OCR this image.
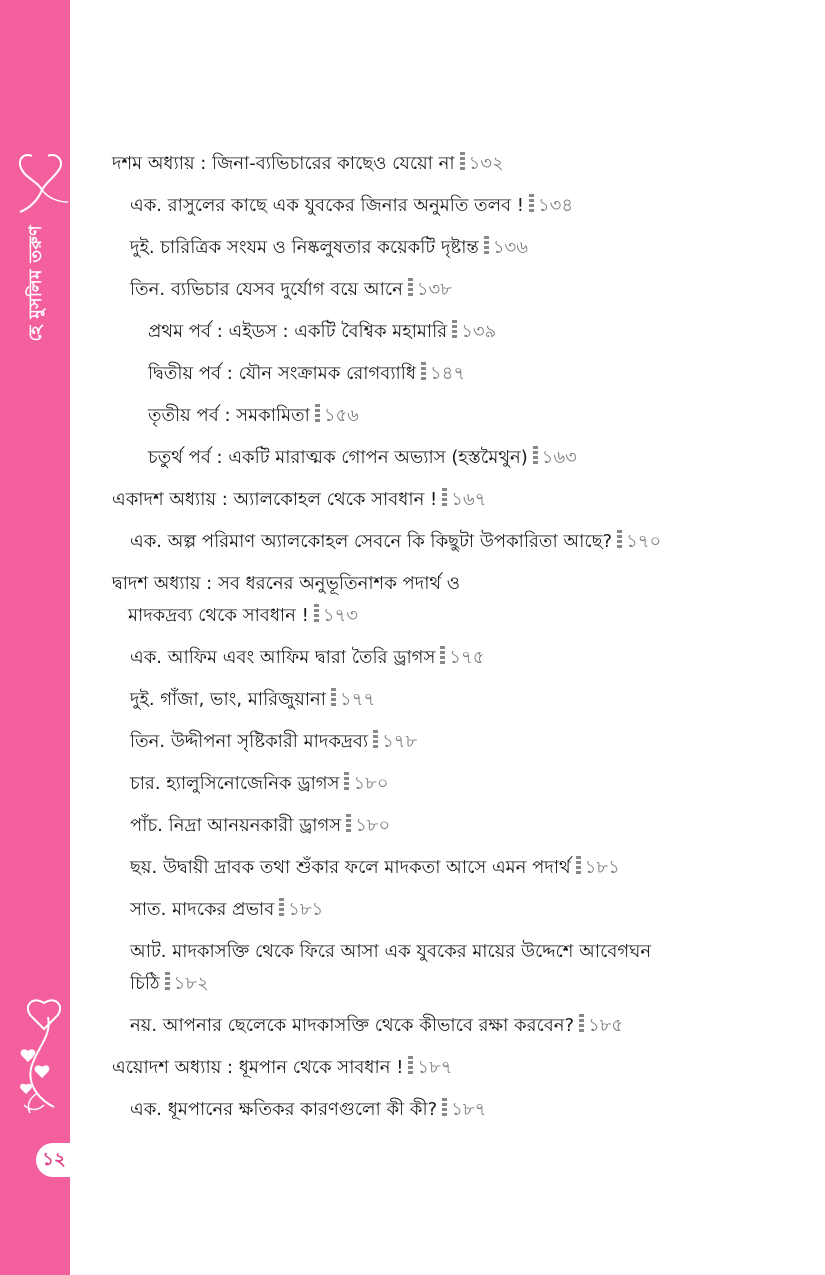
হে মুসলিম তরুণ
১২
দশম অধ্যায় : জিনা-ব্যভিচারের কাছেও যেয়ো না ১৩২
এক. রাসুলের কাছে এক যুবকের জিনার অনুমতি তলব ! ১৩৪
দুই. চারিত্রিক সংযম ও নিষ্কলুষতার কয়েকটি দৃষ্টান্ত ১৩৬
তিন. ব্যভিচার যেসব দুর্যোগ বয়ে আনে ১৩৮
প্রথম পর্ব : এইডস : একটি বৈশ্বিক মহামারি ১৩৯
দ্বিতীয় পর্ব : যৌন সংক্রামক রোগব্যাধি ১৪৭
তৃতীয় পর্ব : সমকামিতা ১৫৬
চতুর্থ পর্ব : একটি মারাত্মক গোপন অভ্যাস (হস্তমৈথুন) ১৬৩
একাদশ অধ্যায় : অ্যালকোহল থেকে সাবধান ! ১৬৭
এক. অল্প পরিমাণ অ্যালকোহল সেবনে কি কিছুটা উপকারিতা আছে? ১৭০
দ্বাদশ অধ্যায় : সব ধরনের অনুভূতিনাশক পদার্থ ও
মাদকদ্রব্য থেকে সাবধান ! ১৭৩
এক. আফিম এবং আফিম দ্বারা তৈরি ড্রাগস ১৭৫
দুই. গাঁজা, ভাং, মারিজুয়ানা ১৭৭
তিন. উদ্দীপনা সৃষ্টিকারী মাদকদ্রব্য ১৭৮
চার. হ্যালুসিনোজেনিক ড্রাগস ১৮০
পাঁচ. নিদ্রা আনয়নকারী ড্রাগস ১৮০
ছয়. উদ্বায়ী দ্রাবক তথা শুঁকার ফলে মাদকতা আসে এমন পদার্থ ১৮১
সাত. মাদকের প্রভাব ১৮১
আট. মাদকাসক্তি থেকে ফিরে আসা এক যুবকের মায়ের উদ্দেশে আবেগঘন
চিঠি ১৮২
নয়. আপনার ছেলেকে মাদকাসক্তি থেকে কীভাবে রক্ষা করবেন? ১৮৫
এয়োদশ অধ্যায় : ধূমপান থেকে সাবধান ! ১৮৭
এক. ধূমপানের ক্ষতিকর কারণগুলো কী কী? ১৮৭
